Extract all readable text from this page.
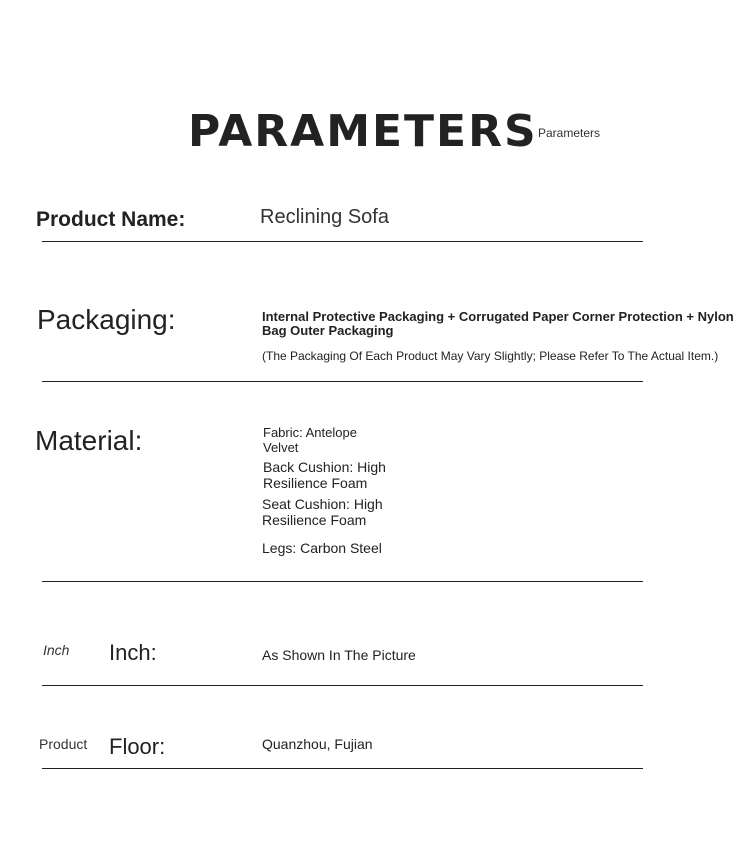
PARAMETERS Parameters
Product Name:	Reclining Sofa
Packaging:	Internal Protective Packaging + Corrugated Paper Corner Protection + Nylon
Bag Outer Packaging
(The Packaging Of Each Product May Vary Slightly; Please Refer To The Actual Item.)
Material:	Fabric: Antelope
Velvet
Back Cushion: High
Resilience Foam
Seat Cushion: High
Resilience Foam
Legs: Carbon Steel
Inch Inch:	As Shown In The Picture
Product Floor:	Quanzhou, Fujian
